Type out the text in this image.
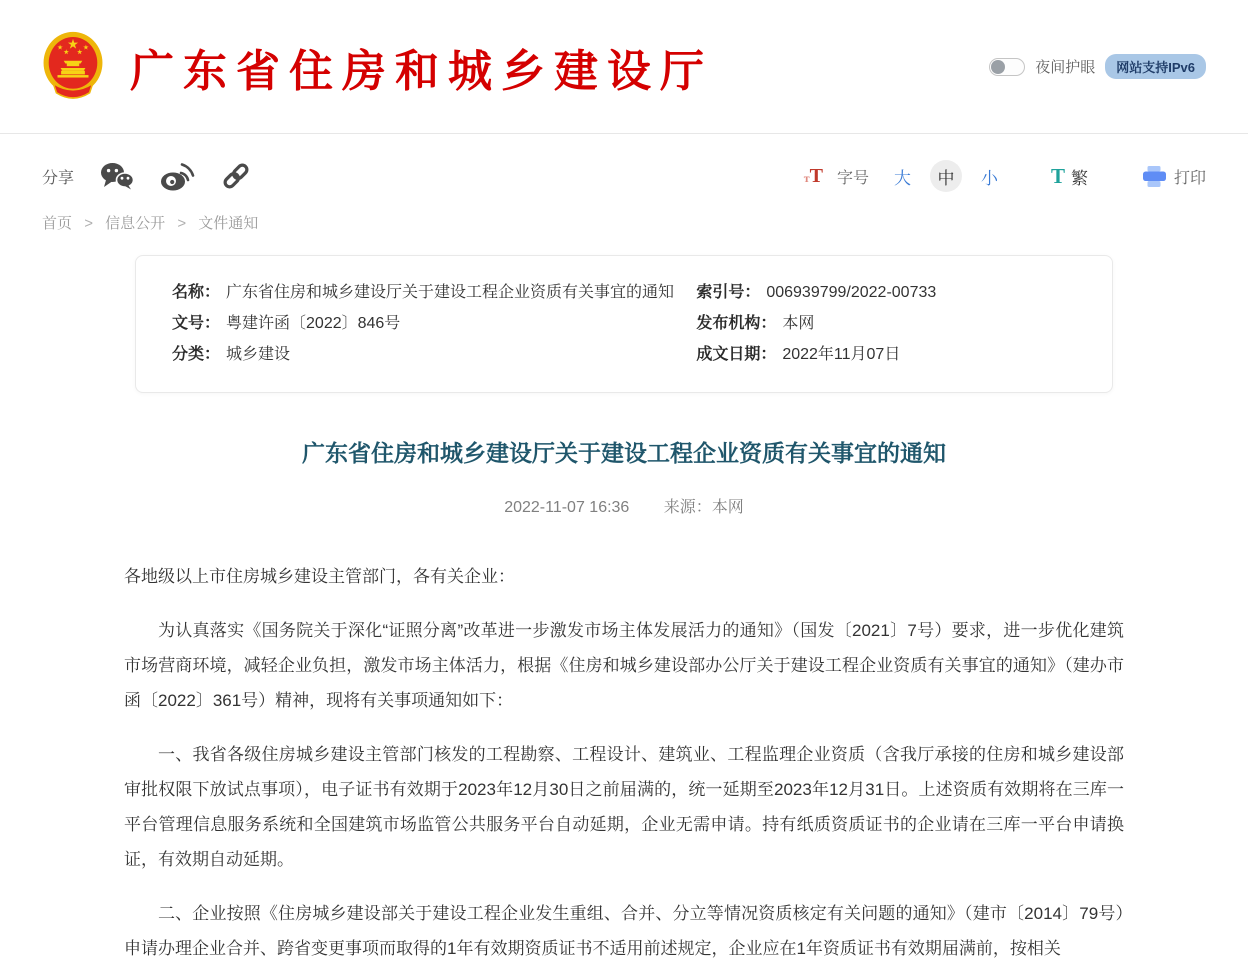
广东省住房和城乡建设厅	夜间护眼	网站支持IPv6
分享	тT 字号 大	中	小	T 繁	打印
首页 > 信息公开 > 文件通知
名称： 广东省住房和城乡建设厅关于建设工程企业资质有关事宜的通知
文号： 粤建许函〔2022〕846号
分类： 城乡建设
索引号： 006939799/2022-00733
发布机构： 本网
成文日期： 2022年11月07日
广东省住房和城乡建设厅关于建设工程企业资质有关事宜的通知
2022-11-07 16:36 来源：本网

各地级以上市住房城乡建设主管部门，各有关企业：

为认真落实《国务院关于深化“证照分离”改革进一步激发市场主体发展活力的通知》（国发〔2021〕7号）要求，进一步优化建筑市场营商环境，减轻企业负担，激发市场主体活力，根据《住房和城乡建设部办公厅关于建设工程企业资质有关事宜的通知》（建办市函〔2022〕361号）精神，现将有关事项通知如下：

一、我省各级住房城乡建设主管部门核发的工程勘察、工程设计、建筑业、工程监理企业资质（含我厅承接的住房和城乡建设部审批权限下放试点事项），电子证书有效期于2023年12月30日之前届满的，统一延期至2023年12月31日。上述资质有效期将在三库一平台管理信息服务系统和全国建筑市场监管公共服务平台自动延期，企业无需申请。持有纸质资质证书的企业请在三库一平台申请换证，有效期自动延期。

二、企业按照《住房城乡建设部关于建设工程企业发生重组、合并、分立等情况资质核定有关问题的通知》（建市〔2014〕79号）申请办理企业合并、跨省变更事项而取得的1年有效期资质证书不适用前述规定，企业应在1年资质证书有效期届满前，按相关
